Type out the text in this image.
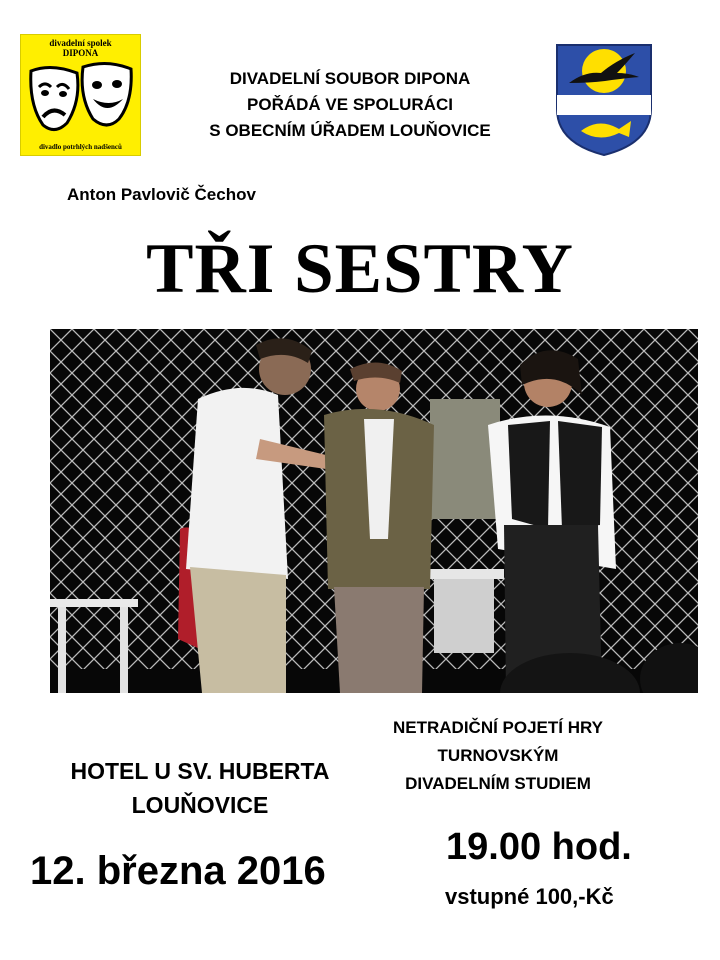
divadelní spolek
DIPONA
divadlo potrhlých nadšenců
DIVADELNÍ SOUBOR DIPONA
POŘÁDÁ VE SPOLURÁCI
S OBECNÍM ÚŘADEM LOUŇOVICE
Anton Pavlovič Čechov
TŘI SESTRY
HOTEL U SV. HUBERTA
LOUŇOVICE
NETRADIČNÍ POJETÍ HRY
TURNOVSKÝM
DIVADELNÍM STUDIEM
12. března 2016
19.00 hod.
vstupné 100,-Kč
